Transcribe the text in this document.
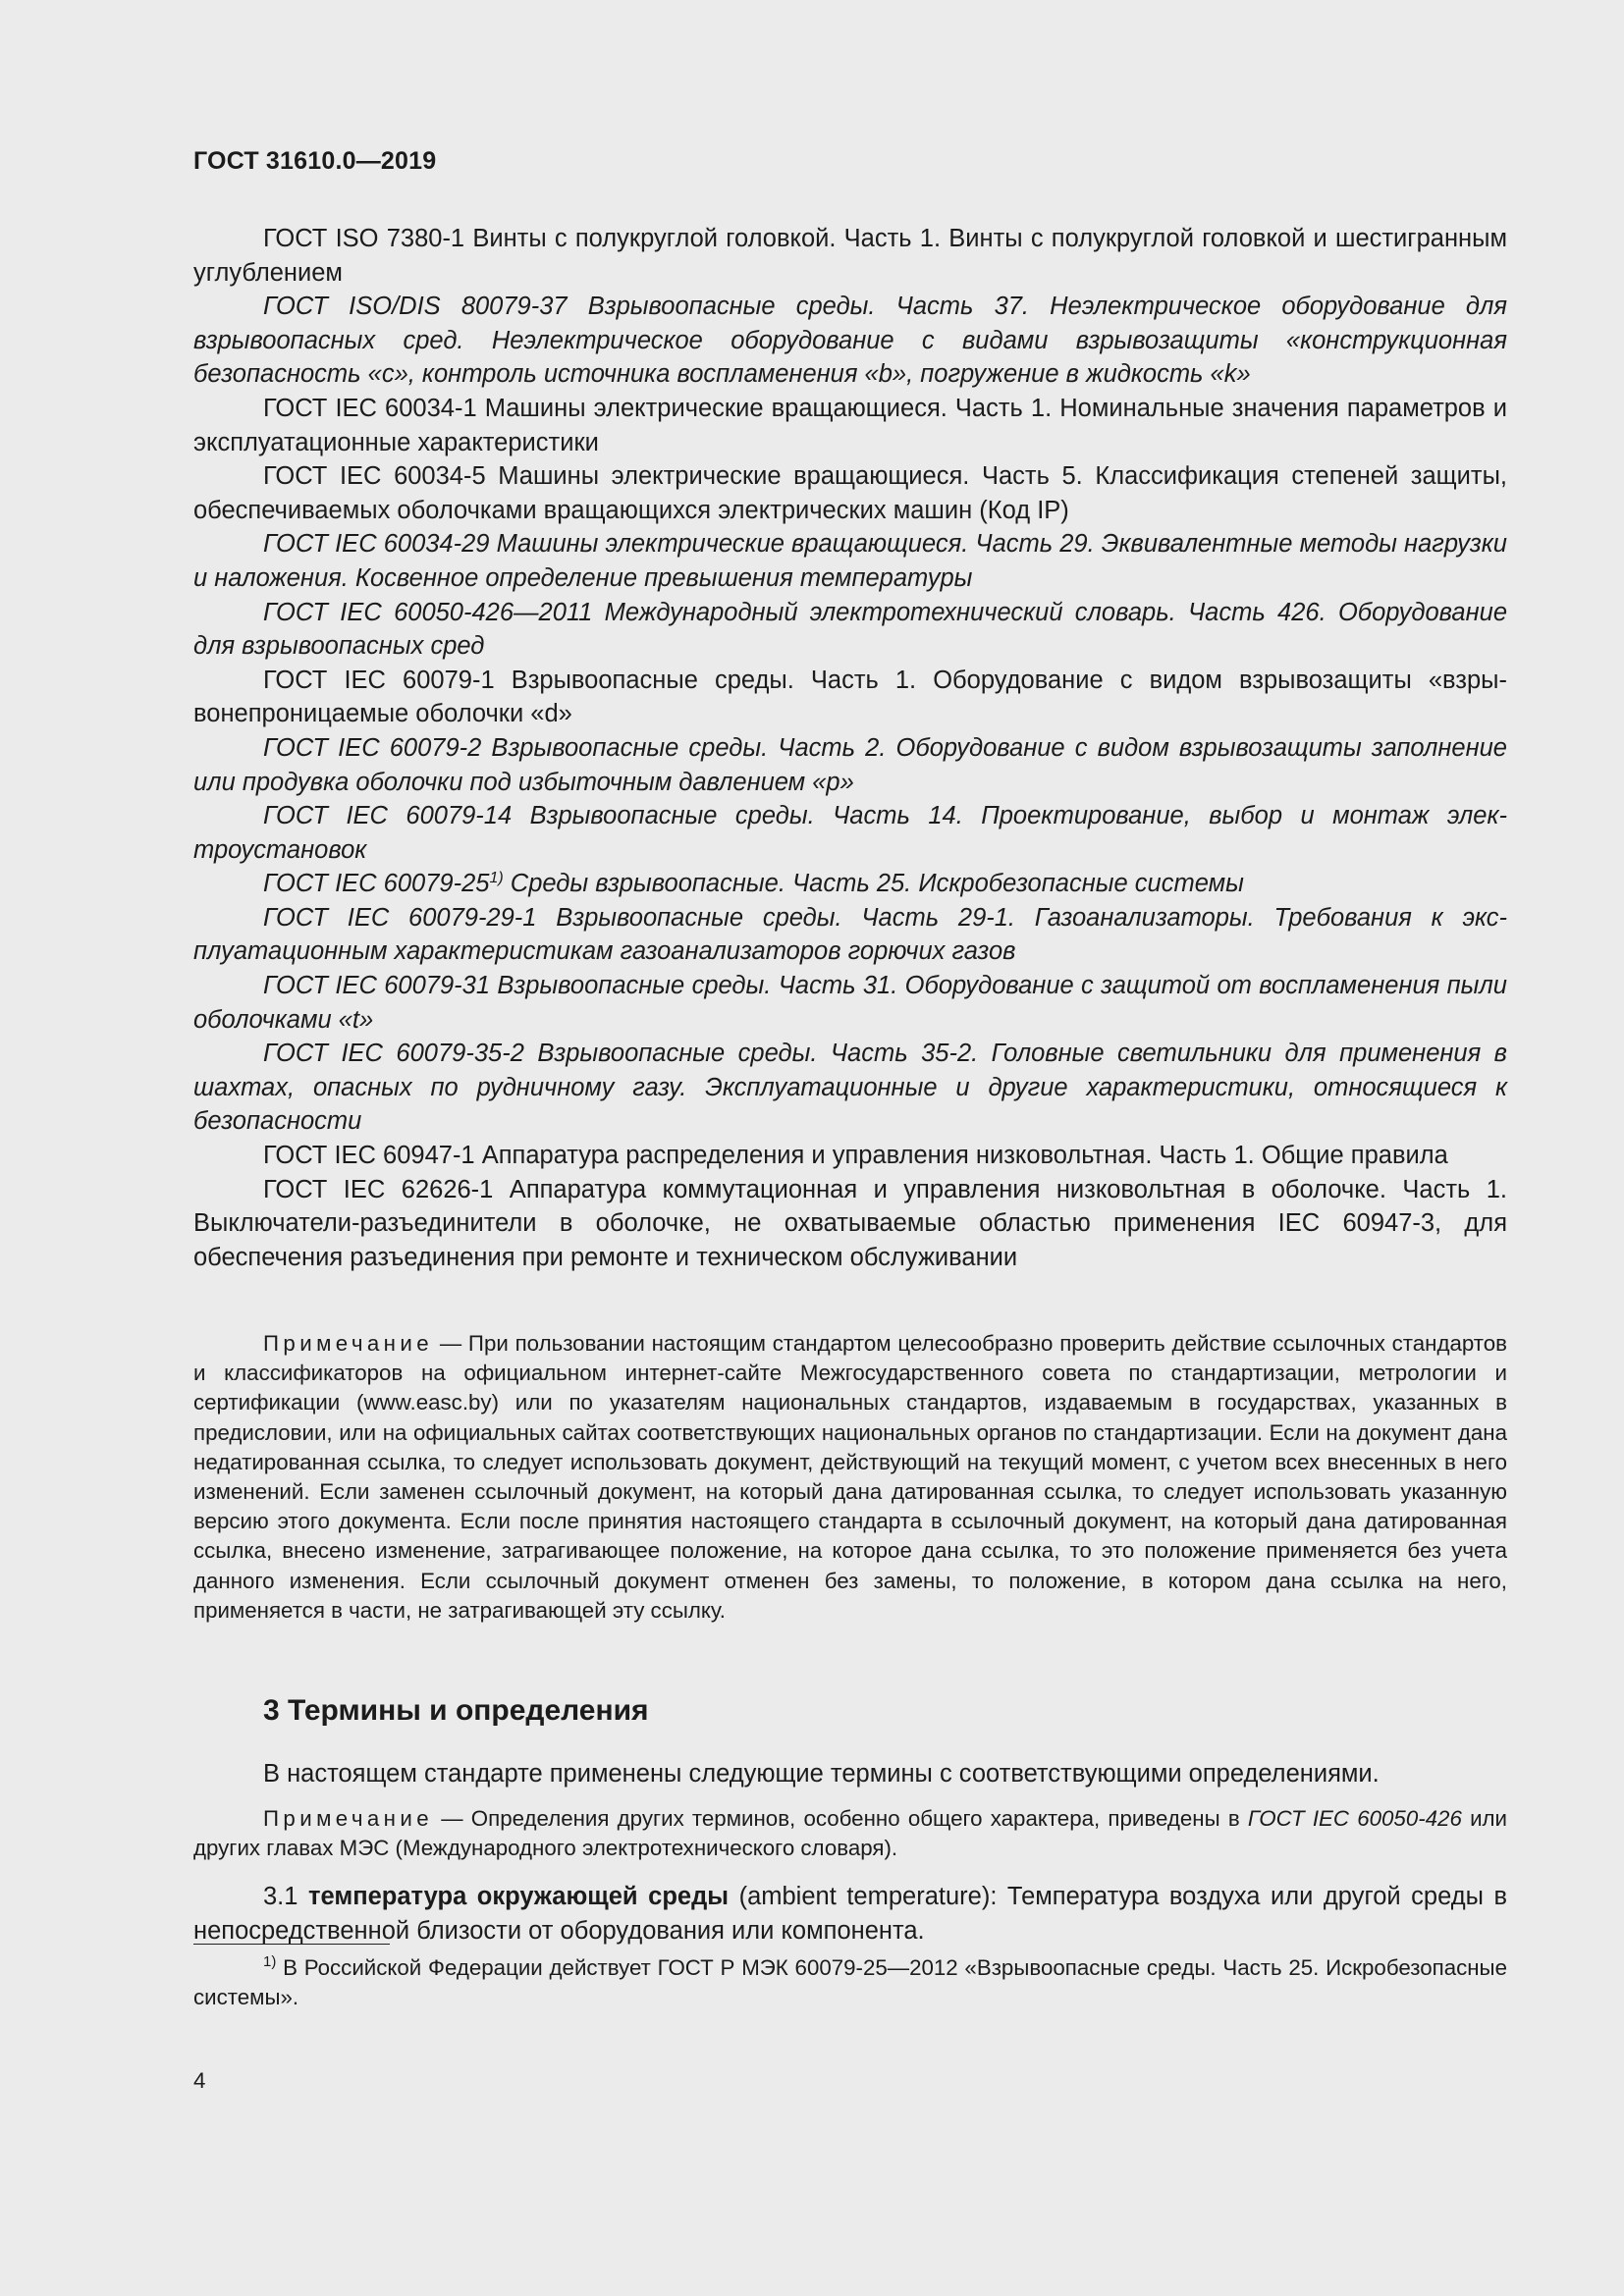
ГОСТ 31610.0—2019

ГОСТ ISO 7380-1 Винты с полукруглой головкой. Часть 1. Винты с полукруглой головкой и шестигранным углублением

ГОСТ ISO/DIS 80079-37 Взрывоопасные среды. Часть 37. Неэлектрическое оборудование для взрывоопасных сред. Неэлектрическое оборудование с видами взрывозащиты «конструкционная безопасность «с», контроль источника воспламенения «b», погружение в жидкость «k»

ГОСТ IEC 60034-1 Машины электрические вращающиеся. Часть 1. Номинальные значения параметров и эксплуатационные характеристики

ГОСТ IEC 60034-5 Машины электрические вращающиеся. Часть 5. Классификация степеней защиты, обеспечиваемых оболочками вращающихся электрических машин (Код IP)

ГОСТ IEC 60034-29 Машины электрические вращающиеся. Часть 29. Эквивалентные методы нагрузки и наложения. Косвенное определение превышения температуры

ГОСТ IEC 60050-426—2011 Международный электротехнический словарь. Часть 426. Оборудование для взрывоопасных сред

ГОСТ IEC 60079-1 Взрывоопасные среды. Часть 1. Оборудование с видом взрывозащиты «взрывонепроницаемые оболочки «d»

ГОСТ IEC 60079-2 Взрывоопасные среды. Часть 2. Оборудование с видом взрывозащиты заполнение или продувка оболочки под избыточным давлением «р»

ГОСТ IEC 60079-14 Взрывоопасные среды. Часть 14. Проектирование, выбор и монтаж электроустановок

ГОСТ IEC 60079-25$^{1)}$ Среды взрывоопасные. Часть 25. Искробезопасные системы

ГОСТ IEC 60079-29-1 Взрывоопасные среды. Часть 29-1. Газоанализаторы. Требования к эксплуатационным характеристикам газоанализаторов горючих газов

ГОСТ IEC 60079-31 Взрывоопасные среды. Часть 31. Оборудование с защитой от воспламенения пыли оболочками «t»

ГОСТ IEC 60079-35-2 Взрывоопасные среды. Часть 35-2. Головные светильники для применения в шахтах, опасных по рудничному газу. Эксплуатационные и другие характеристики, относящиеся к безопасности

ГОСТ IEC 60947-1 Аппаратура распределения и управления низковольтная. Часть 1. Общие правила

ГОСТ IEC 62626-1 Аппаратура коммутационная и управления низковольтная в оболочке. Часть 1. Выключатели-разъединители в оболочке, не охватываемые областью применения IEC 60947-3, для обеспечения разъединения при ремонте и техническом обслуживании

Примечание — При пользовании настоящим стандартом целесообразно проверить действие ссылочных стандартов и классификаторов на официальном интернет-сайте Межгосударственного совета по стандартизации, метрологии и сертификации (www.easc.by) или по указателям национальных стандартов, издаваемым в государствах, указанных в предисловии, или на официальных сайтах соответствующих национальных органов по стандартизации. Если на документ дана недатированная ссылка, то следует использовать документ, действующий на текущий момент, с учетом всех внесенных в него изменений. Если заменен ссылочный документ, на который дана датированная ссылка, то следует использовать указанную версию этого документа. Если после принятия настоящего стандарта в ссылочный документ, на который дана датированная ссылка, внесено изменение, затрагивающее положение, на которое дана ссылка, то это положение применяется без учета данного изменения. Если ссылочный документ отменен без замены, то положение, в котором дана ссылка на него, применяется в части, не затрагивающей эту ссылку.

3 Термины и определения
В настоящем стандарте применены следующие термины с соответствующими определениями.

Примечание — Определения других терминов, особенно общего характера, приведены в ГОСТ IEC 60050-426 или других главах МЭС (Международного электротехнического словаря).

3.1 температура окружающей среды (ambient temperature): Температура воздуха или другой среды в непосредственной близости от оборудования или компонента.
$^{1)}$ В Российской Федерации действует ГОСТ Р МЭК 60079-25—2012 «Взрывоопасные среды. Часть 25. Искробезопасные системы».
4
